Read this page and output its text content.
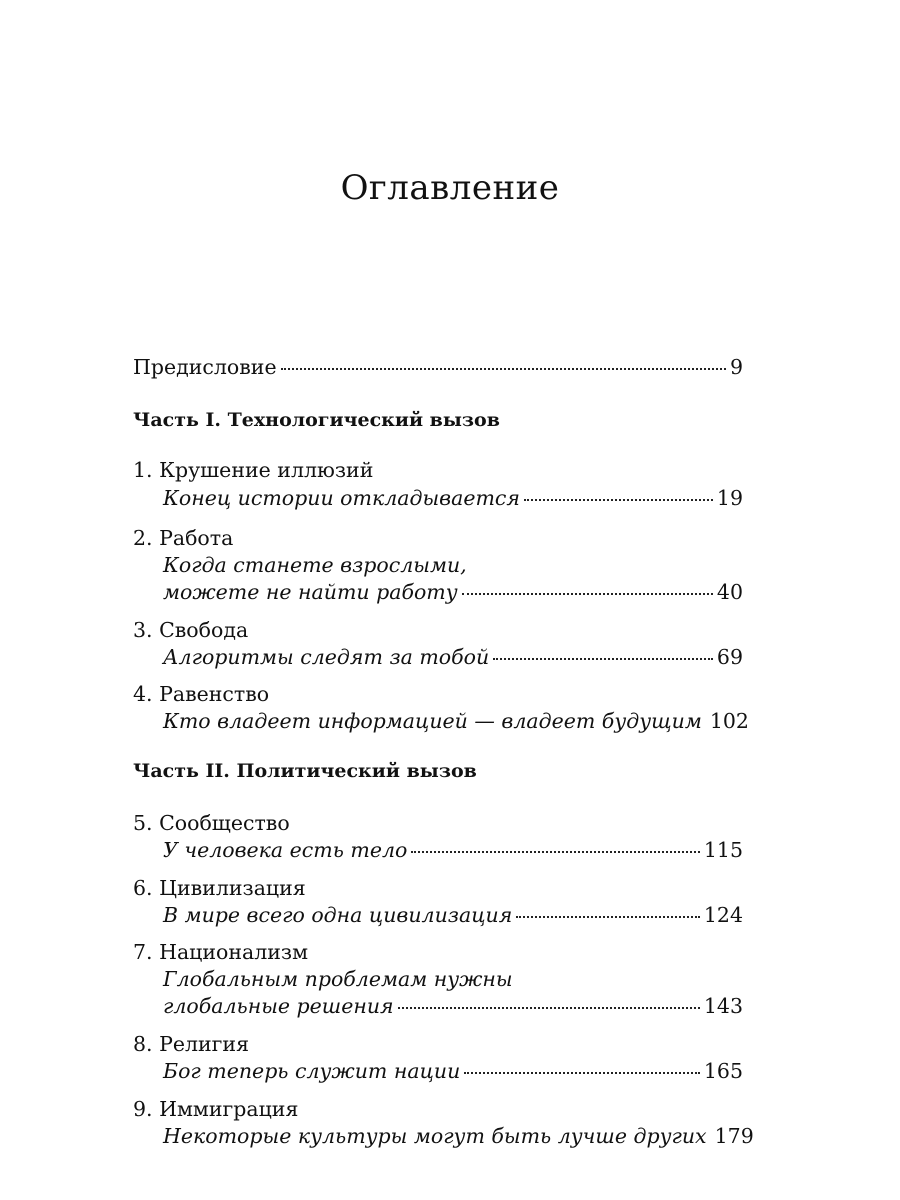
Оглавление
Предисловие	9
Часть I. Технологический вызов
1. Крушение иллюзий
Конец истории откладывается	19
2. Работа
Когда станете взрослыми,
можете не найти работу	40
3. Свобода
Алгоритмы следят за тобой	69
4. Равенство
Кто владеет информацией — владеет будущим 102
Часть II. Политический вызов
5. Сообщество
У человека есть тело	115
6. Цивилизация
В мире всего одна цивилизация	124
7. Национализм
Глобальным проблемам нужны
глобальные решения	143
8. Религия
Бог теперь служит нации	165
9. Иммиграция
Некоторые культуры могут быть лучше других 179
